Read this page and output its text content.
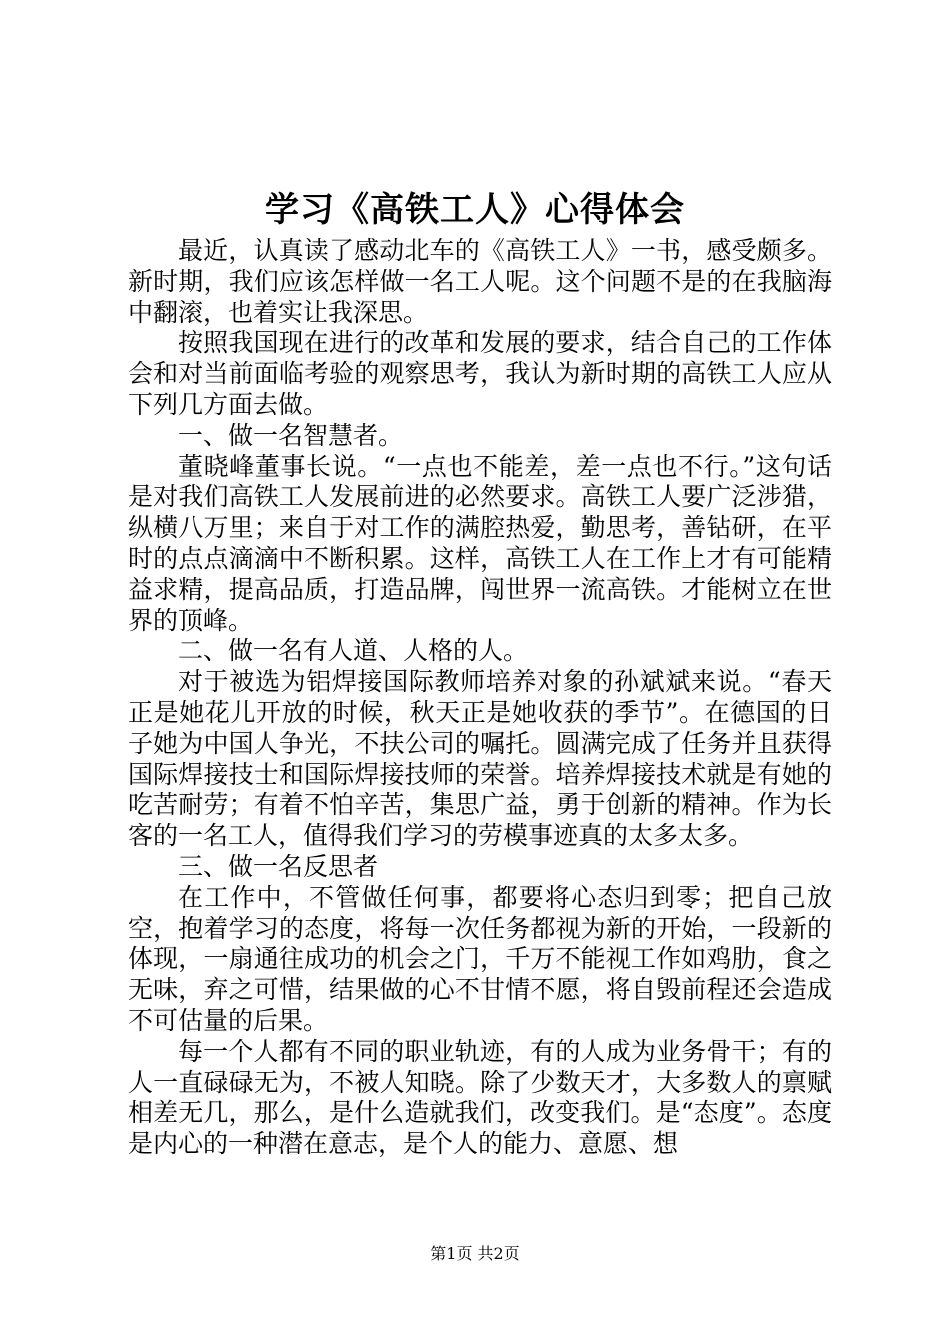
学习《高铁工人》心得体会

最近，认真读了感动北车的《高铁工人》一书，感受颇多。新时期，我们应该怎样做一名工人呢。这个问题不是的在我脑海中翻滚，也着实让我深思。

按照我国现在进行的改革和发展的要求，结合自己的工作体会和对当前面临考验的观察思考，我认为新时期的高铁工人应从下列几方面去做。

一、做一名智慧者。

董晓峰董事长说。“一点也不能差，差一点也不行。”这句话是对我们高铁工人发展前进的必然要求。高铁工人要广泛涉猎，纵横八万里；来自于对工作的满腔热爱，勤思考，善钻研，在平时的点点滴滴中不断积累。这样，高铁工人在工作上才有可能精益求精，提高品质，打造品牌，闯世界一流高铁。才能树立在世界的顶峰。

二、做一名有人道、人格的人。

对于被选为铝焊接国际教师培养对象的孙斌斌来说。“春天正是她花儿开放的时候，秋天正是她收获的季节”。在德国的日子她为中国人争光，不扶公司的嘱托。圆满完成了任务并且获得国际焊接技士和国际焊接技师的荣誉。培养焊接技术就是有她的吃苦耐劳；有着不怕辛苦，集思广益，勇于创新的精神。作为长客的一名工人，值得我们学习的劳模事迹真的太多太多。

三、做一名反思者

在工作中，不管做任何事，都要将心态归到零；把自己放空，抱着学习的态度，将每一次任务都视为新的开始，一段新的体现，一扇通往成功的机会之门，千万不能视工作如鸡肋，食之无味，弃之可惜，结果做的心不甘情不愿，将自毁前程还会造成不可估量的后果。

每一个人都有不同的职业轨迹，有的人成为业务骨干；有的人一直碌碌无为，不被人知晓。除了少数天才，大多数人的禀赋相差无几，那么，是什么造就我们，改变我们。是“态度”。态度是内心的一种潜在意志，是个人的能力、意愿、想

第1页 共2页
